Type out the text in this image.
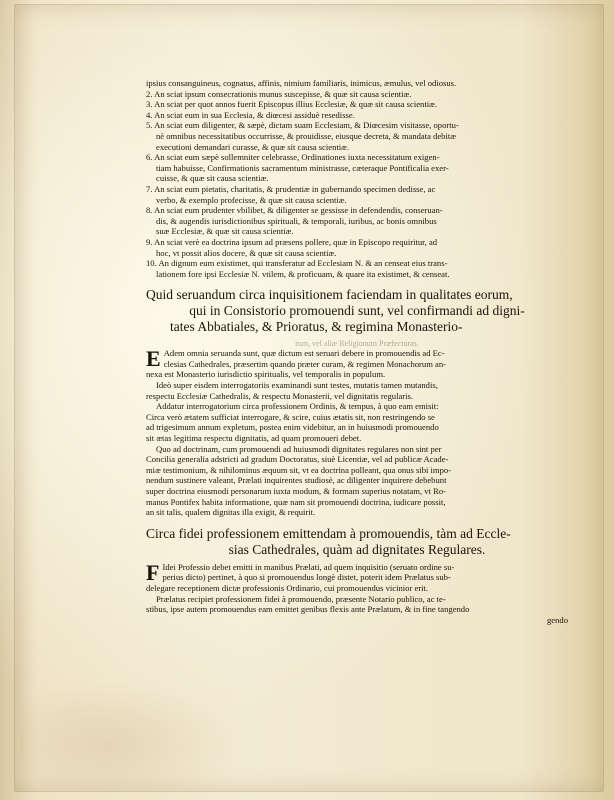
ipsius consanguineus, cognatus, affinis, nimium familiaris, inimicus, æmulus, vel odiosus.
2. An sciat ipsum consecrationis munus suscepisse, & quæ sit causa scientiæ.
3. An sciat per quot annos fuerit Episcopus illius Ecclesiæ, & quæ sit causa scientiæ.
4. An sciat eum in sua Ecclesia, & diœcesi assiduè resedisse.
5. An sciat eum diligenter, & sæpè, dictam suam Ecclesiam, & Diœcesim visitasse, oportu-
nè omnibus necessitatibus occurrisse, & prouidisse, eiusque decreta, & mandata debitæ
executioni demandari curasse, & quæ sit causa scientiæ.
6. An sciat eum sæpè sollemniter celebrasse, Ordinationes iuxta necessitatum exigen-
tiam habuisse, Confirmationis sacramentum ministrasse, cæteraque Pontificalia exer-
cuisse, & quæ sit causa scientiæ.
7. An sciat eum pietatis, charitatis, & prudentiæ in gubernando specimen dedisse, ac
verbo, & exemplo profecisse, & quæ sit causa scientiæ.
8. An sciat eum prudenter vbilibet, & diligenter se gessisse in defendendis, conseruan-
dis, & augendis iurisdictionibus spirituali, & temporali, iuribus, ac bonis omnibus
suæ Ecclesiæ, & quæ sit causa scientiæ.
9. An sciat verè ea doctrina ipsum ad præsens pollere, quæ in Episcopo requiritur, ad
hoc, vt possit alios docere, & quæ sit causa scientiæ.
10. An dignum eum existimet, qui transferatur ad Ecclesiam N. & an censeat eius trans-
lationem fore ipsi Ecclesiæ N. vtilem, & proficuam, & quare ita existimet, & censeat.
Quid seruandum circa inquisitionem faciendam in qualitates eorum,
qui in Consistorio promouendi sunt, vel confirmandi ad digni-
tates Abbatiales, & Prioratus, & regimina Monasterio-
rum, vel aliæ Religionum Præfecturas.
E Adem omnia seruanda sunt, quæ dictum est seruari debere in promouendis ad Ec-
clesias Cathedrales, præsertim quando præter curam, & regimen Monachorum an-
nexa est Monasterio iurisdictio spiritualis, vel temporalis in populum.
Ideò super eisdem interrogatoriis examinandi sunt testes, mutatis tamen mutandis,
respectu Ecclesiæ Cathedralis, & respectu Monasterii, vel dignitatis regularis.
Addatur interrogatorium circa professionem Ordinis, & tempus, à quo eam emisit:
Circa verò ætatem sufficiat interrogare, & scire, cuius ætatis sit, non restringendo se
ad trigesimum annum expletum, postea enim videbitur, an in huiusmodi promouendo
sit ætas legitima respectu dignitatis, ad quam promoueri debet.
Quo ad doctrinam, cum promouendi ad huiusmodi dignitates regulares non sint per
Concilia generalia adstricti ad gradum Doctoratus, siuè Licentiæ, vel ad publicæ Acade-
miæ testimonium, & nihilominus æquum sit, vt ea doctrina polleant, qua onus sibi impo-
nendum sustinere valeant, Prælati inquirentes studiosè, ac diligenter inquirere debebunt
super doctrina eiusmodi personarum iuxta modum, & formam superius notatam, vt Ro-
manus Pontifex habita informatione, quæ nam sit promouendi doctrina, iudicare possit,
an sit talis, qualem dignitas illa exigit, & requirit.
Circa fidei professionem emittendam à promouendis, tàm ad Eccle-
sias Cathedrales, quàm ad dignitates Regulares.
F Idei Professio debet emitti in manibus Prælati, ad quem inquisitio (seruato ordine su-
perius dicto) pertinet, à quo si promouendus longè distet, poterit idem Prælatus sub-
delegare receptionem dictæ professionis Ordinario, cui promouendus vicinior erit.
Prælatus recipiet professionem fidei à promouendo, præsente Notario publico, ac te-
stibus, ipse autem promouendus eam emittet genibus flexis ante Prælatum, & in fine tangendo
gendo
